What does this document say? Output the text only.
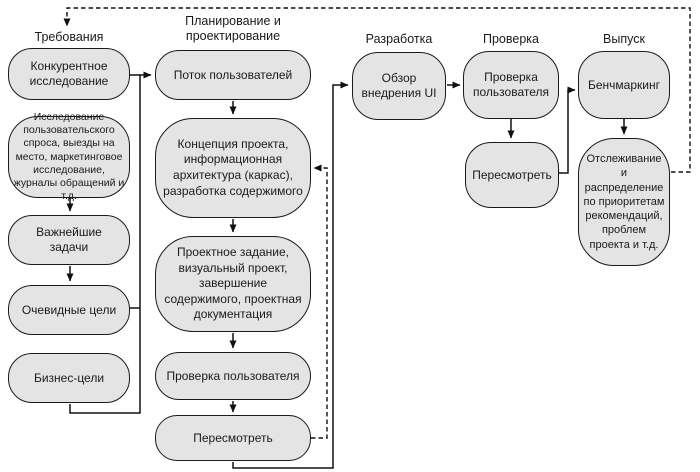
Требования
Планирование и проектирование	Разработка	Проверка	Выпуск
Конкурентное исследование
Исследование пользовательского спроса, выезды на место, маркетинговое исследование, журналы обращений и т.д.
Важнейшие задачи
Очевидные цели
Бизнес-цели
Поток пользователей
Концепция проекта, информационная архитектура (каркас), разработка содержимого
Проектное задание, визуальный проект, завершение содержимого, проектная документация
Проверка пользователя
Пересмотреть
Обзор внедрения UI
Проверка пользователя
Пересмотреть
Бенчмаркинг
Отслеживание и распределение по приоритетам рекомендаций, проблем проекта и т.д.
